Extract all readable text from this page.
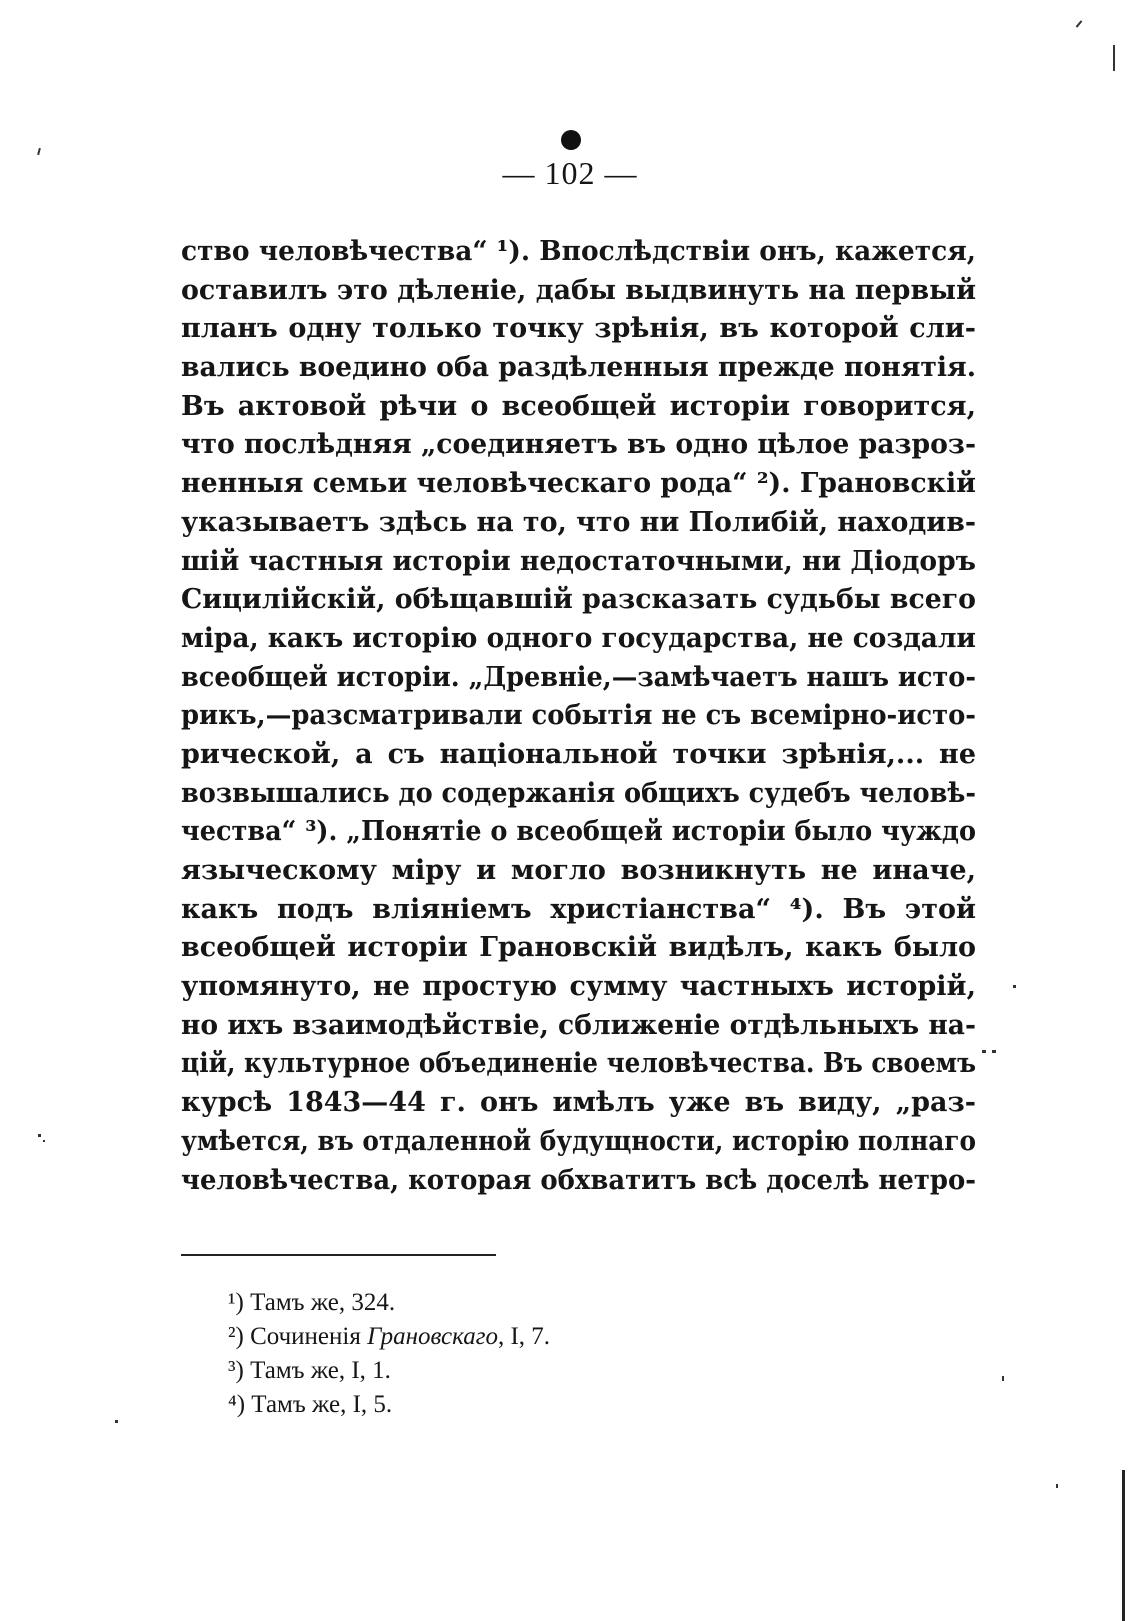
— 102 —
ство человѣчества“ ¹). Впослѣдствіи онъ, кажется,
оставилъ это дѣленіе, дабы выдвинуть на первый
планъ одну только точку зрѣнія, въ которой сли-
вались воедино оба раздѣленныя прежде понятія.
Въ актовой рѣчи о всеобщей исторіи говорится,
что послѣдняя „соединяетъ въ одно цѣлое разроз-
ненныя семьи человѣческаго рода“ ²). Грановскій
указываетъ здѣсь на то, что ни Полибій, находив-
шій частныя исторіи недостаточными, ни Діодоръ
Сицилійскій, обѣщавшій разсказать судьбы всего
міра, какъ исторію одного государства, не создали
всеобщей исторіи. „Древніе,—замѣчаетъ нашъ исто-
рикъ,—разсматривали событія не съ всемірно-исто-
рической, а съ національной точки зрѣнія,... не
возвышались до содержанія общихъ судебъ человѣ-
чества“ ³). „Понятіе о всеобщей исторіи было чуждо
языческому міру и могло возникнуть не иначе,
какъ подъ вліяніемъ христіанства“ ⁴). Въ этой
всеобщей исторіи Грановскій видѣлъ, какъ было
упомянуто, не простую сумму частныхъ исторій,
но ихъ взаимодѣйствіе, сближеніе отдѣльныхъ на-
цій, культурное объединеніе человѣчества. Въ своемъ
курсѣ 1843—44 г. онъ имѣлъ уже въ виду, „раз-
умѣется, въ отдаленной будущности, исторію полнаго
человѣчества, которая обхватитъ всѣ доселѣ нетро-
¹) Тамъ же, 324.
²) Сочиненія Грановскаго, I, 7.
³) Тамъ же, I, 1.
⁴) Тамъ же, I, 5.
